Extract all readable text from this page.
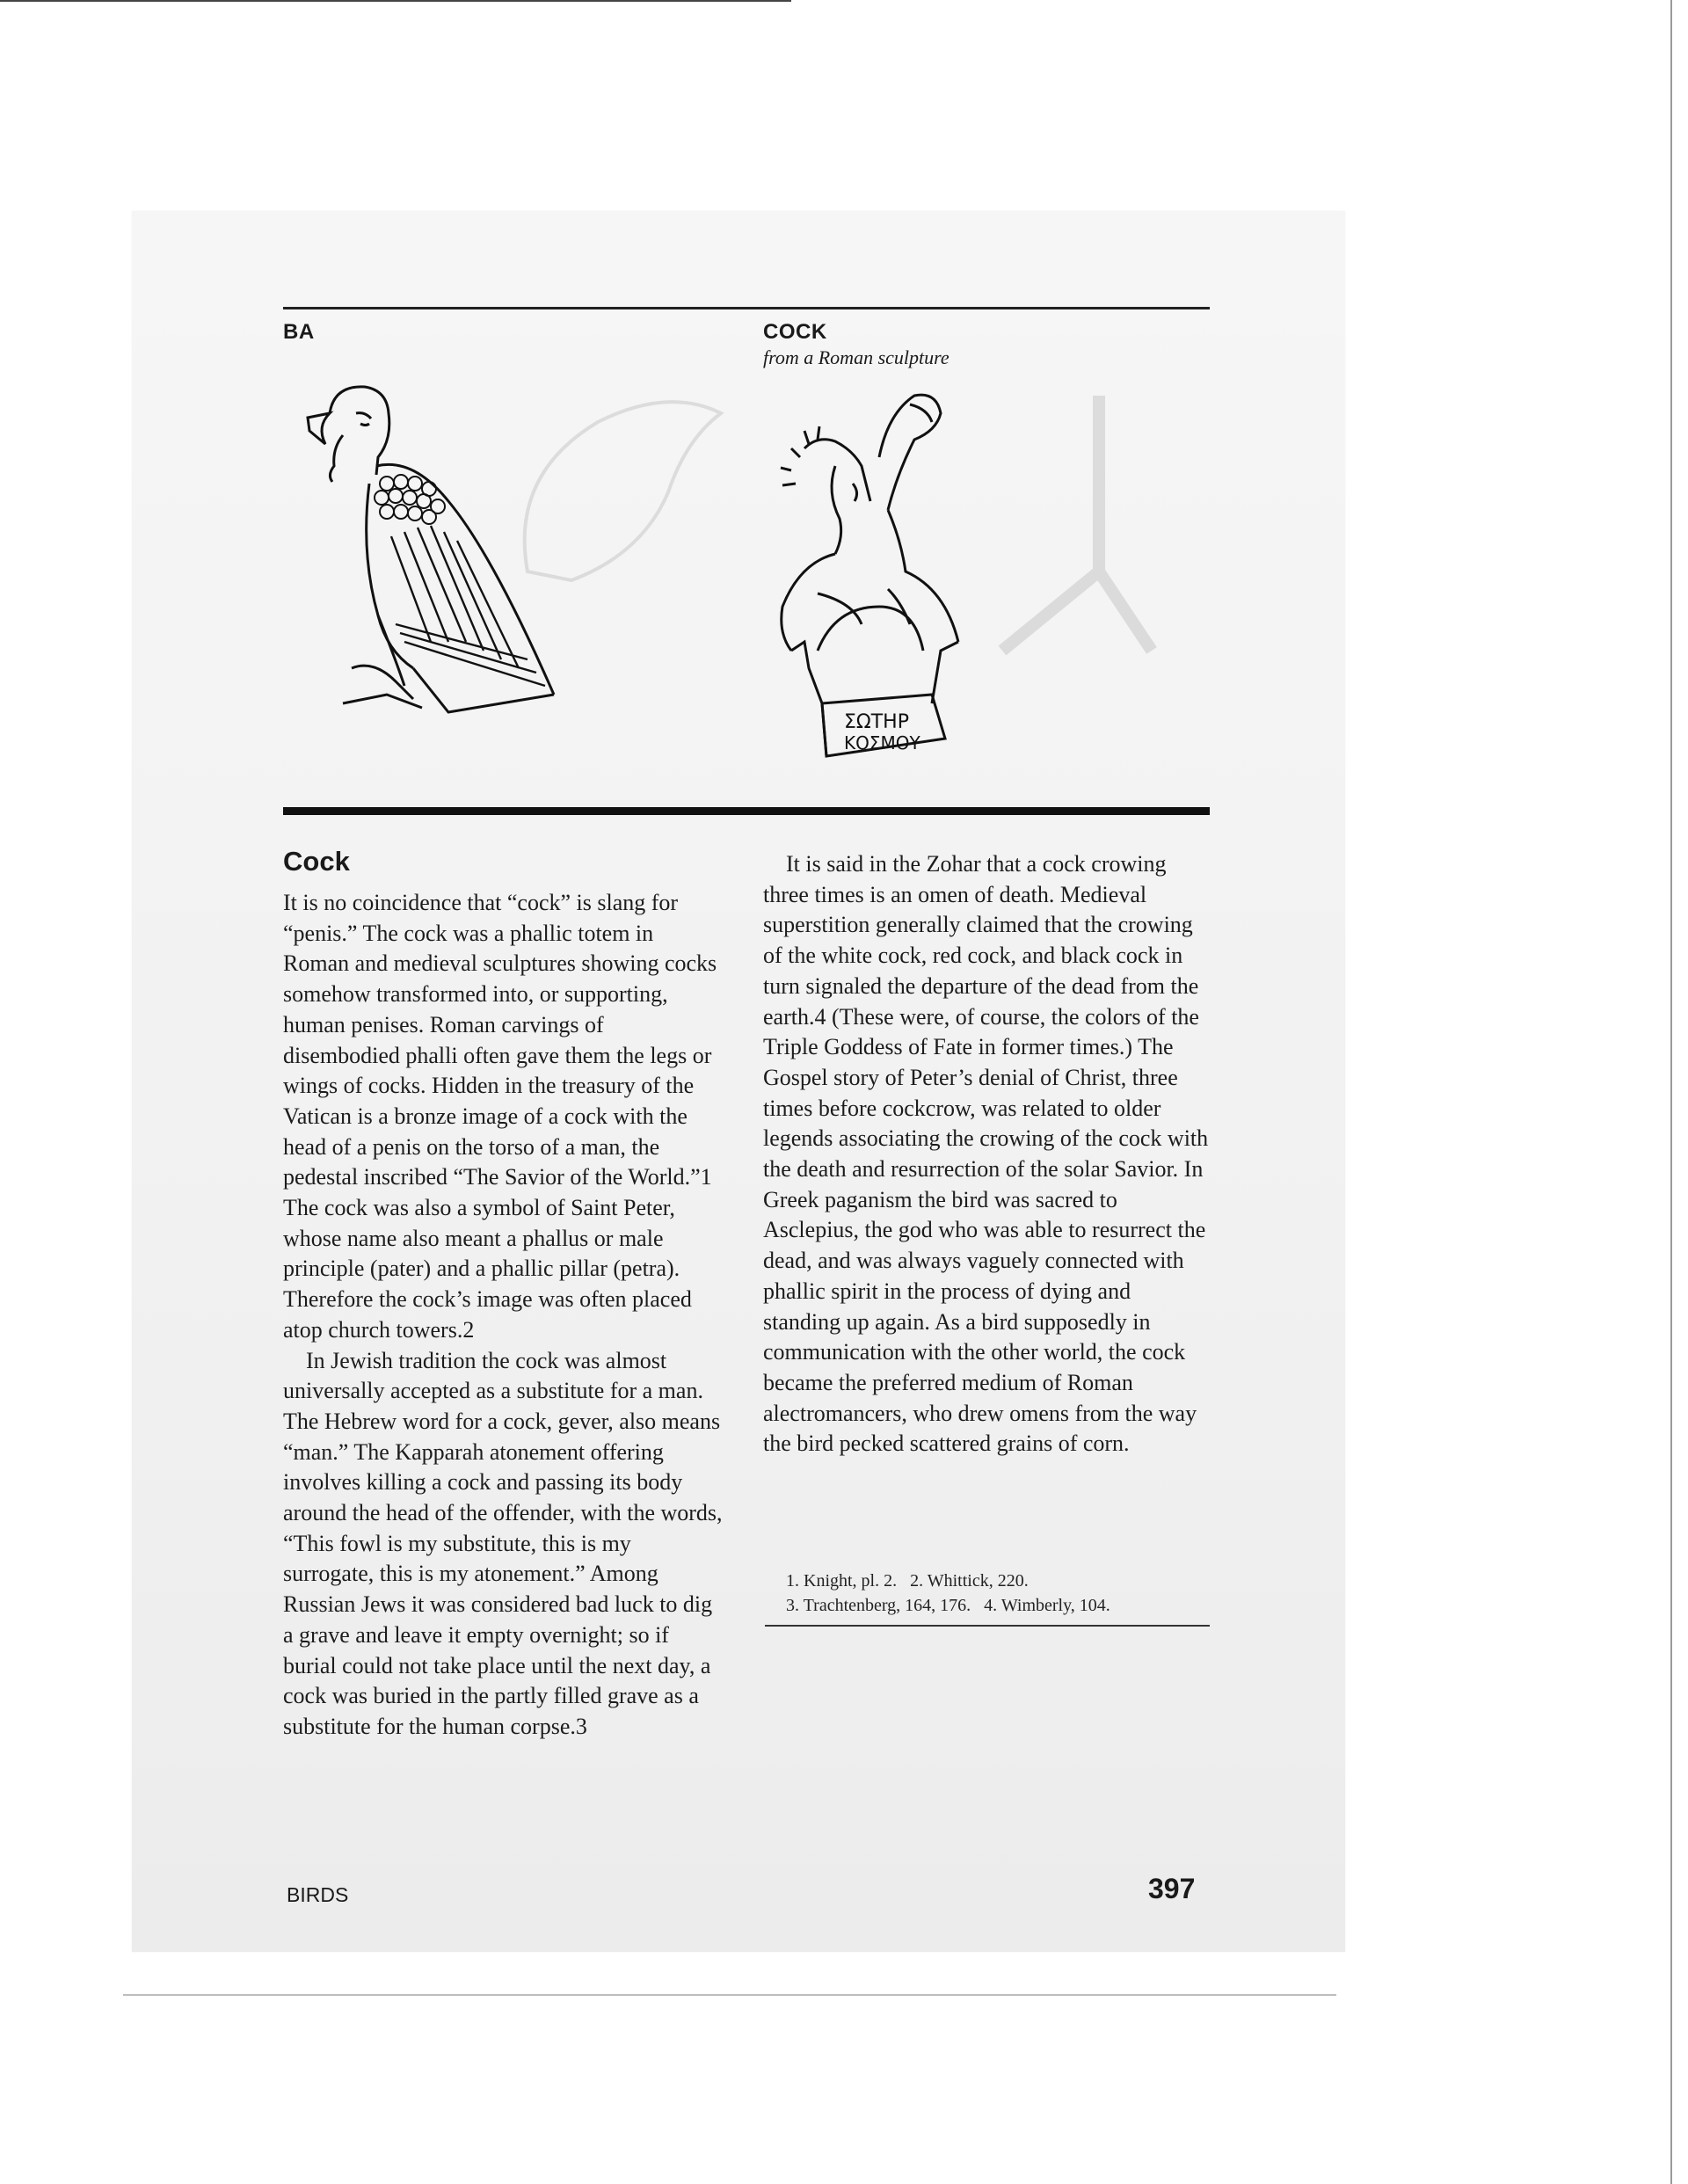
BA	COCK
from a Roman sculpture
ΣΩΤΗΡ
ΚΟΣΜΟΥ
Cock

It is no coincidence that “cock” is slang for “penis.” The cock was a phallic totem in Roman and medieval sculptures showing cocks somehow transformed into, or supporting, human penises. Roman carvings of disembodied phalli often gave them the legs or wings of cocks. Hidden in the treasury of the Vatican is a bronze image of a cock with the head of a penis on the torso of a man, the pedestal inscribed “The Savior of the World.”1 The cock was also a symbol of Saint Peter, whose name also meant a phallus or male principle (pater) and a phallic pillar (petra). Therefore the cock’s image was often placed atop church towers.2

In Jewish tradition the cock was almost universally accepted as a substitute for a man. The Hebrew word for a cock, gever, also means “man.” The Kapparah atonement offering involves killing a cock and passing its body around the head of the offender, with the words, “This fowl is my substitute, this is my surrogate, this is my atonement.” Among Russian Jews it was considered bad luck to dig a grave and leave it empty overnight; so if burial could not take place until the next day, a cock was buried in the partly filled grave as a substitute for the human corpse.3

It is said in the Zohar that a cock crowing three times is an omen of death. Medieval superstition generally claimed that the crowing of the white cock, red cock, and black cock in turn signaled the departure of the dead from the earth.4 (These were, of course, the colors of the Triple Goddess of Fate in former times.) The Gospel story of Peter’s denial of Christ, three times before cockcrow, was related to older legends associating the crowing of the cock with the death and resurrection of the solar Savior. In Greek paganism the bird was sacred to Asclepius, the god who was able to resurrect the dead, and was always vaguely connected with phallic spirit in the process of dying and standing up again. As a bird supposedly in communication with the other world, the cock became the preferred medium of Roman alectromancers, who drew omens from the way the bird pecked scattered grains of corn.

1. Knight, pl. 2.   2. Whittick, 220.
3. Trachtenberg, 164, 176.   4. Wimberly, 104.
BIRDS	397
